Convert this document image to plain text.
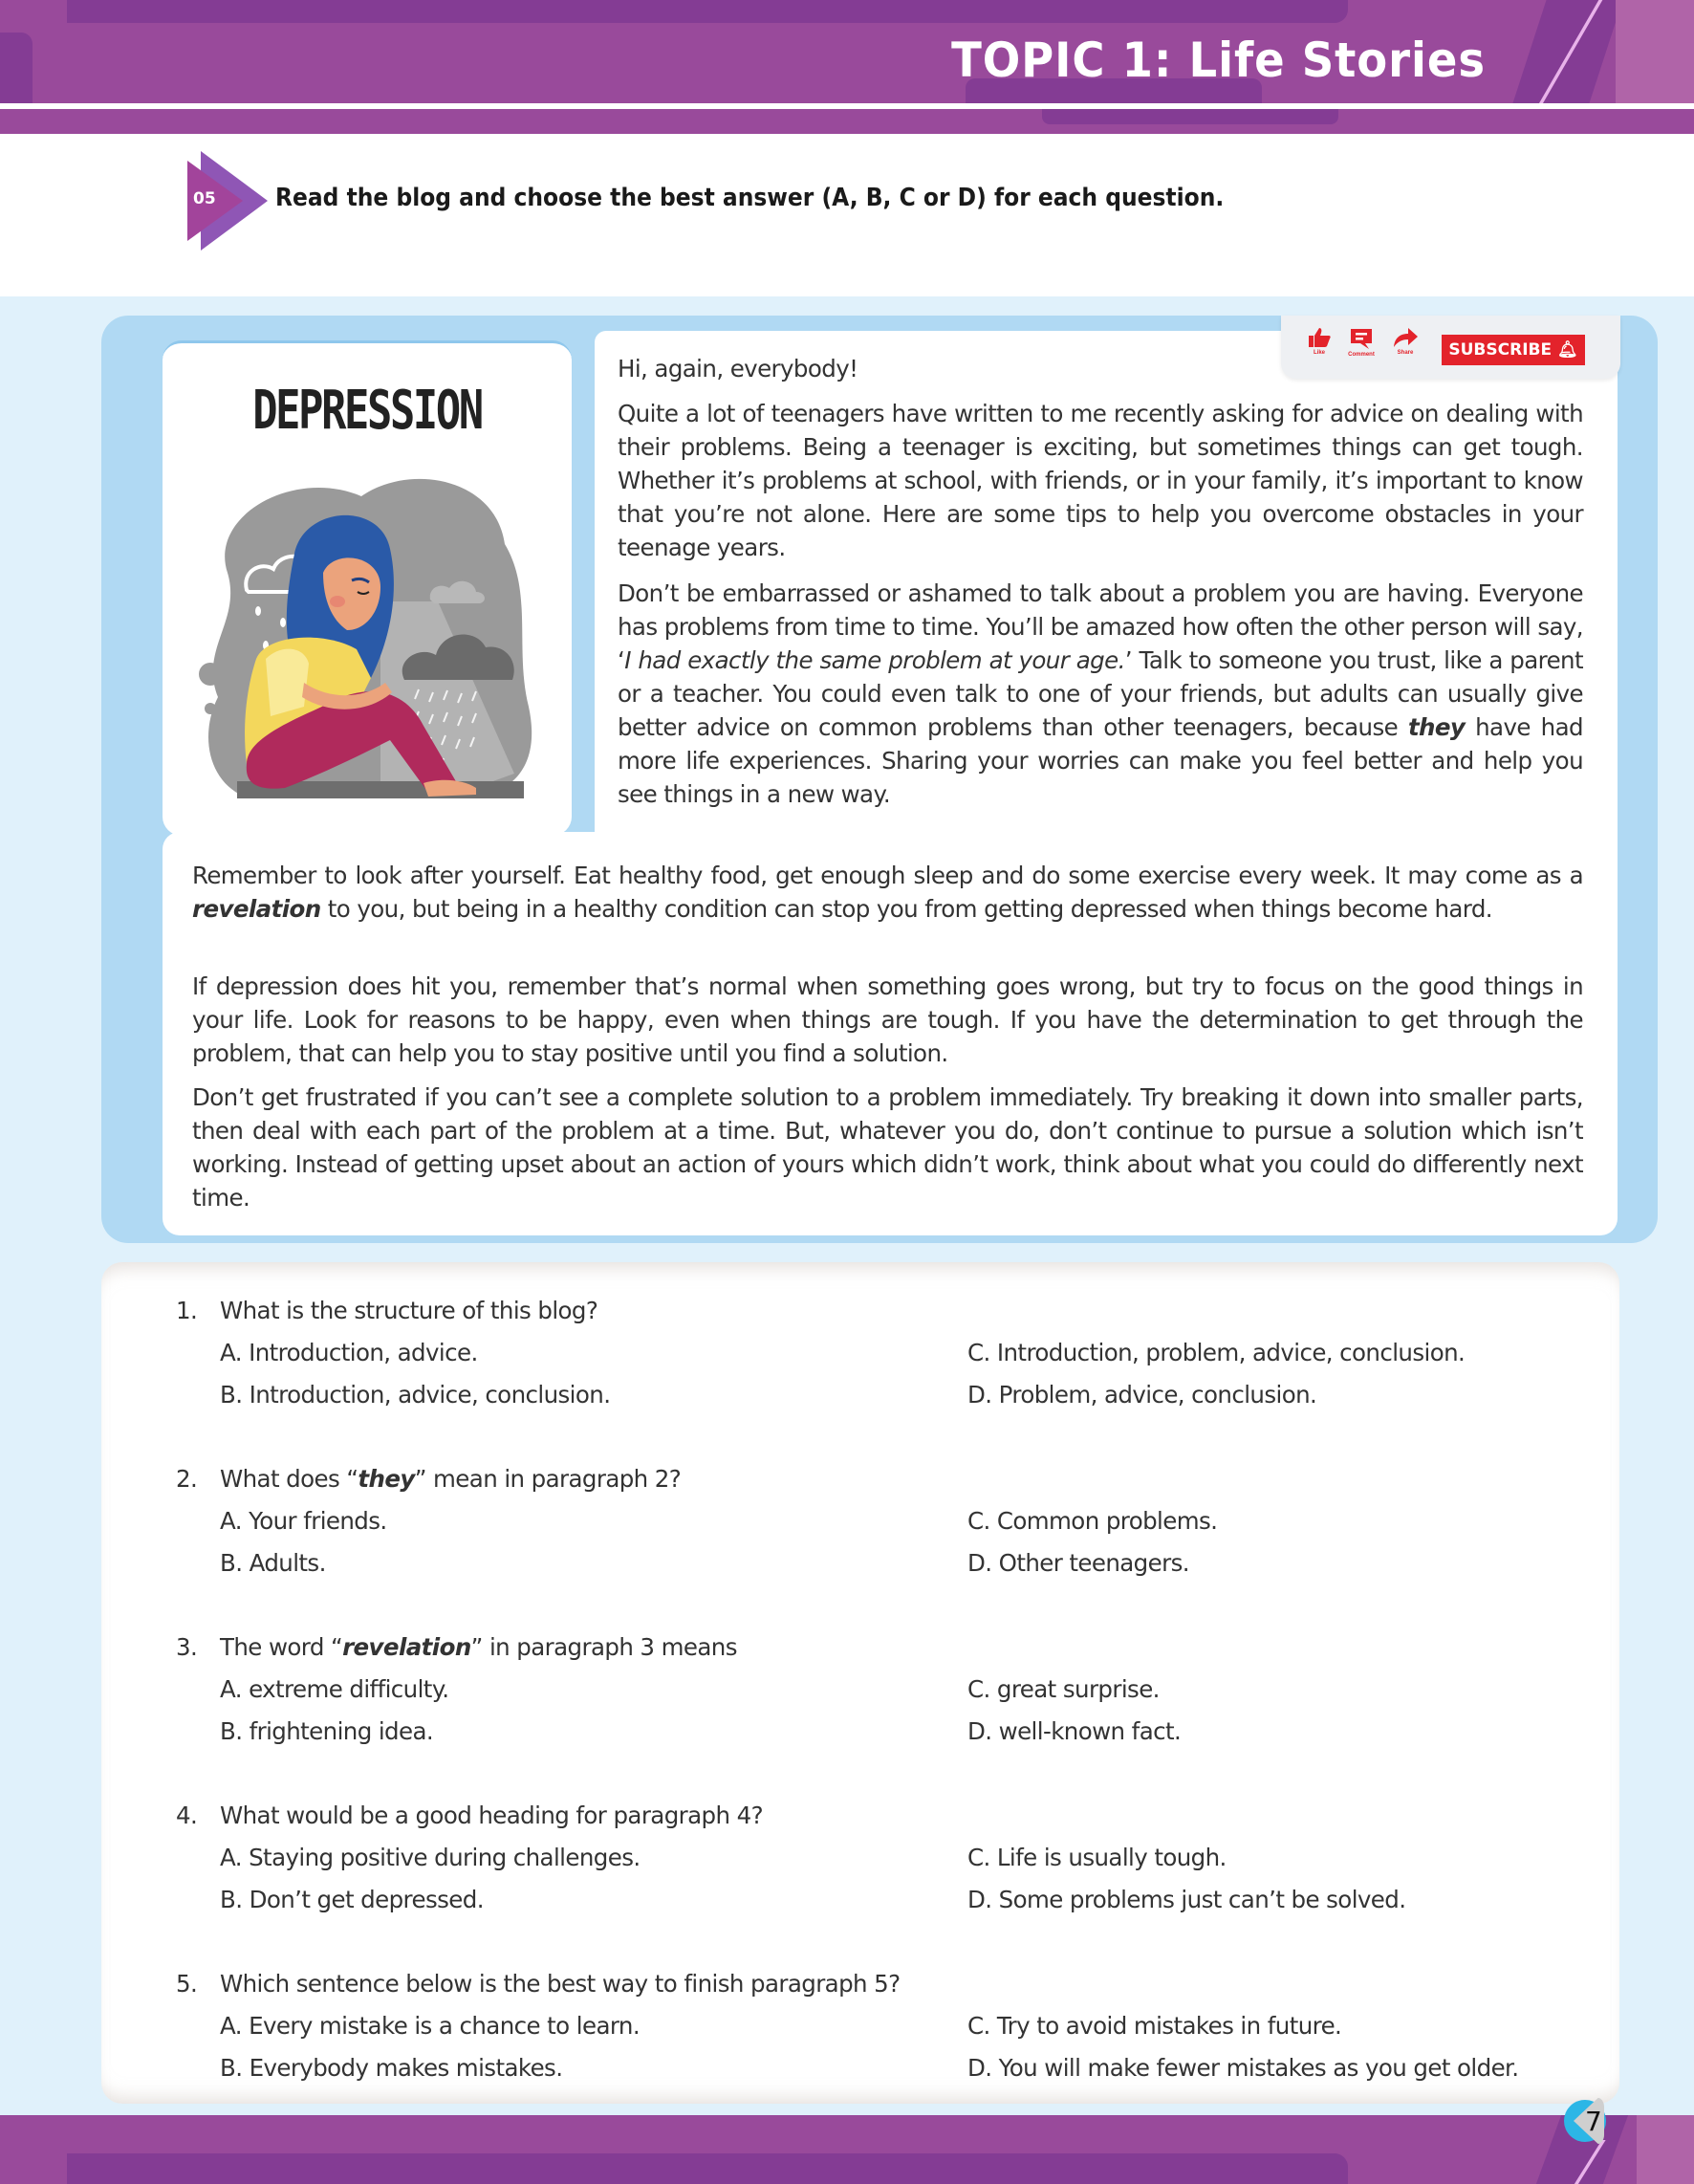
TOPIC 1: Life Stories
05 Read the blog and choose the best answer (A, B, C or D) for each question.
DEPRESSION
Like	Comment	Share	SUBSCRIBE 🔔︎
Hi, again, everybody!
Quite a lot of teenagers have written to me recently asking for advice on dealing with their problems. Being a teenager is exciting, but sometimes things can get tough. Whether it’s problems at school, with friends, or in your family, it’s important to know that you’re not alone. Here are some tips to help you overcome obstacles in your teenage years.
Don’t be embarrassed or ashamed to talk about a problem you are having. Everyone has problems from time to time. You’ll be amazed how often the other person will say, ‘I had exactly the same problem at your age.’ Talk to someone you trust, like a parent or a teacher. You could even talk to one of your friends, but adults can usually give better advice on common problems than other teenagers, because they have had more life experiences. Sharing your worries can make you feel better and help you see things in a new way.
Remember to look after yourself. Eat healthy food, get enough sleep and do some exercise every week. It may come as a revelation to you, but being in a healthy condition can stop you from getting depressed when things become hard.
If depression does hit you, remember that’s normal when something goes wrong, but try to focus on the good things in your life. Look for reasons to be happy, even when things are tough. If you have the determination to get through the problem, that can help you to stay positive until you find a solution.
Don’t get frustrated if you can’t see a complete solution to a problem immediately. Try breaking it down into smaller parts, then deal with each part of the problem at a time. But, whatever you do, don’t continue to pursue a solution which isn’t working. Instead of getting upset about an action of yours which didn’t work, think about what you could do differently next time.
1. What is the structure of this blog?
A. Introduction, advice.
B. Introduction, advice, conclusion.
C. Introduction, problem, advice, conclusion.
D. Problem, advice, conclusion.
2. What does “they” mean in paragraph 2?
A. Your friends.
B. Adults.
C. Common problems.
D. Other teenagers.
3. The word “revelation” in paragraph 3 means
A. extreme difficulty.
B. frightening idea.
C. great surprise.
D. well-known fact.
4. What would be a good heading for paragraph 4?
A. Staying positive during challenges.
B. Don’t get depressed.
C. Life is usually tough.
D. Some problems just can’t be solved.
5. Which sentence below is the best way to finish paragraph 5?
A. Every mistake is a chance to learn.
B. Everybody makes mistakes.
C. Try to avoid mistakes in future.
D. You will make fewer mistakes as you get older.
7
